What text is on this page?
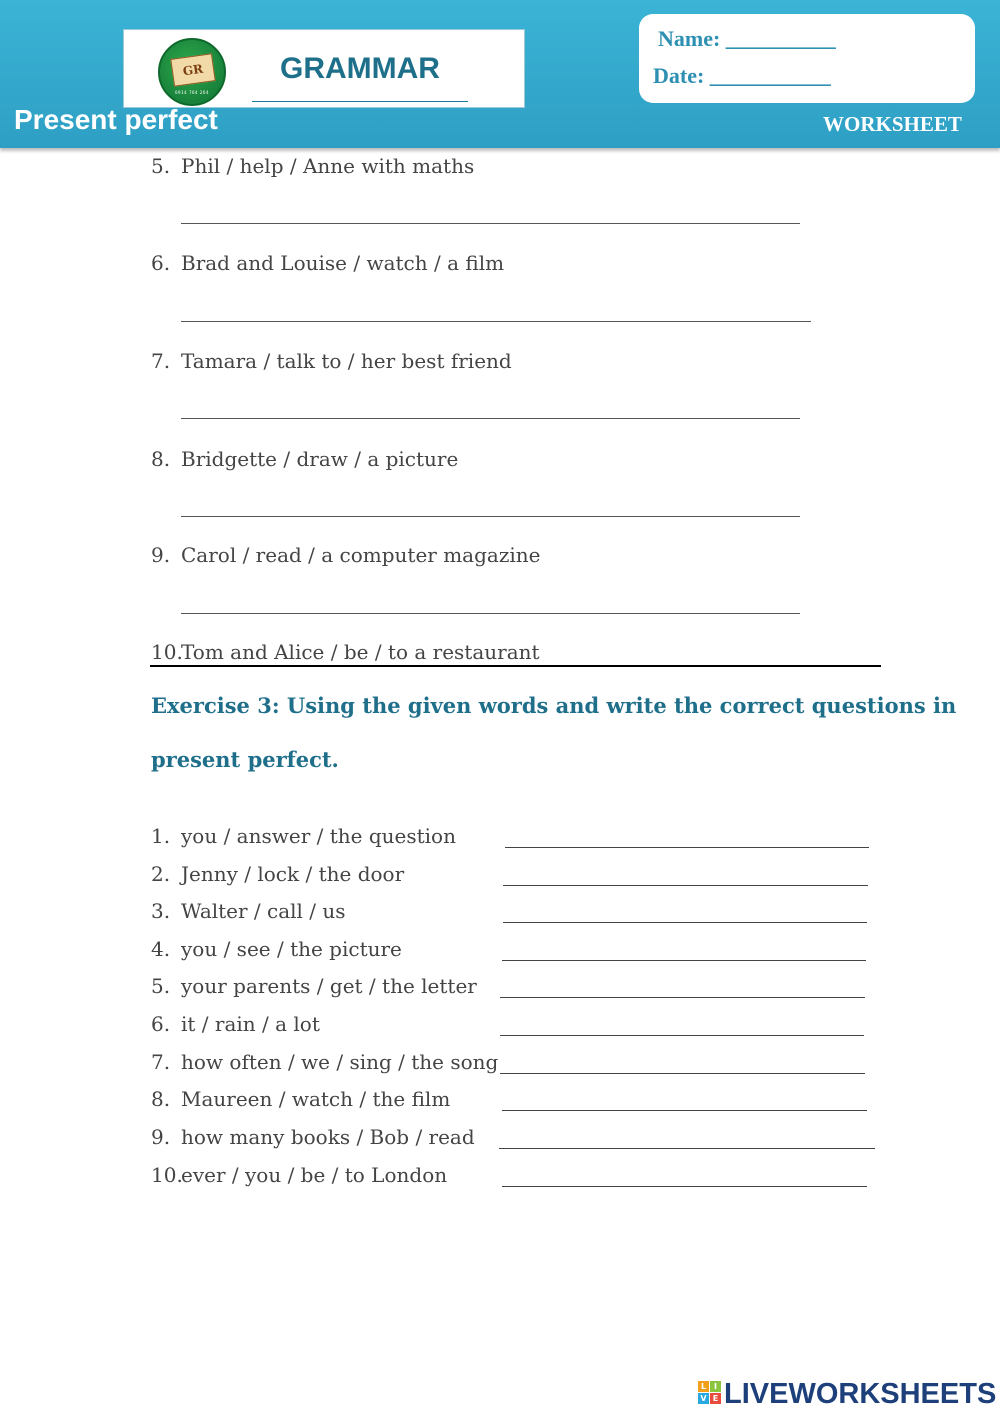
GR
0914 764 264
GRAMMAR
Name: __________
Date: ___________
Present perfect	WORKSHEET
5. Phil / help / Anne with maths
6. Brad and Louise / watch / a film
7. Tamara / talk to / her best friend
8. Bridgette / draw / a picture
9. Carol / read / a computer magazine
10.
Tom and Alice / be / to a restaurant
Exercise 3: Using the given words and write the correct questions in
present perfect.
1. you / answer / the question
2. Jenny / lock / the door
3. Walter / call / us
4. you / see / the picture
5. your parents / get / the letter
6. it / rain / a lot
7. how often / we / sing / the song
8. Maureen / watch / the film
9. how many books / Bob / read
10.
ever / you / be / to London
L I
V E LIVEWORKSHEETS
